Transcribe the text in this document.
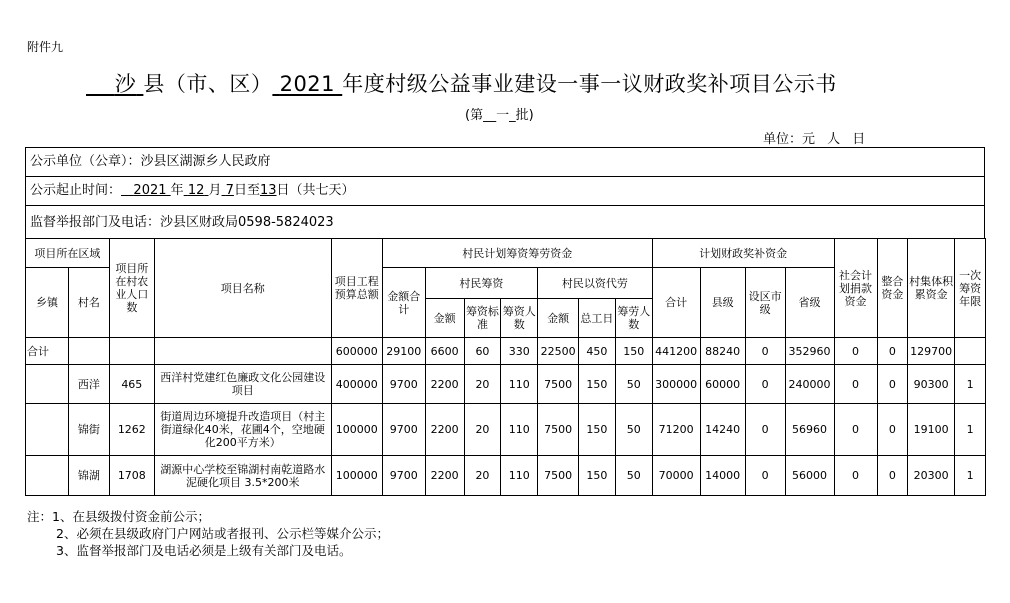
附件九
沙 县（市、区） 2021 年度村级公益事业建设一事一议财政奖补项目公示书
(第__一_批)
单位：元 人 日
公示单位（公章）：沙县区湖源乡人民政府
公示起止时间： 2021 年 12 月 7日至13日（共七天）
监督举报部门及电话：沙县区财政局0598-5824023
项目所在区域		项目所在村农业人口数	项目名称	项目工程预算总额	村民计划筹资筹劳资金							计划财政奖补资金				社会计划捐款资金	整合资金	村集体积累资金	一次筹资年限
乡镇	村名				金额合计	村民筹资			村民以资代劳			合计	县级	设区市级	省级				
						金额	筹资标准	筹资人数	金额	总工日	筹劳人数								

合计				600000	29100	6600	60	330	22500	450	150	441200	88240	0	352960	0	0	129700	
	西洋	465	西洋村党建红色廉政文化公园建设项目	400000	9700	2200	20	110	7500	150	50	300000	60000	0	240000	0	0	90300	1
	锦街	1262	街道周边环境提升改造项目（村主街道绿化40米，花圃4个，空地硬化200平方米）	100000	9700	2200	20	110	7500	150	50	71200	14240	0	56960	0	0	19100	1
	锦湖	1708	湖源中心学校至锦湖村南乾道路水泥硬化项目 3.5*200米	100000	9700	2200	20	110	7500	150	50	70000	14000	0	56000	0	0	20300	1
注：1、在县级拨付资金前公示；
2、必须在县级政府门户网站或者报刊、公示栏等媒介公示；
3、监督举报部门及电话必须是上级有关部门及电话。
